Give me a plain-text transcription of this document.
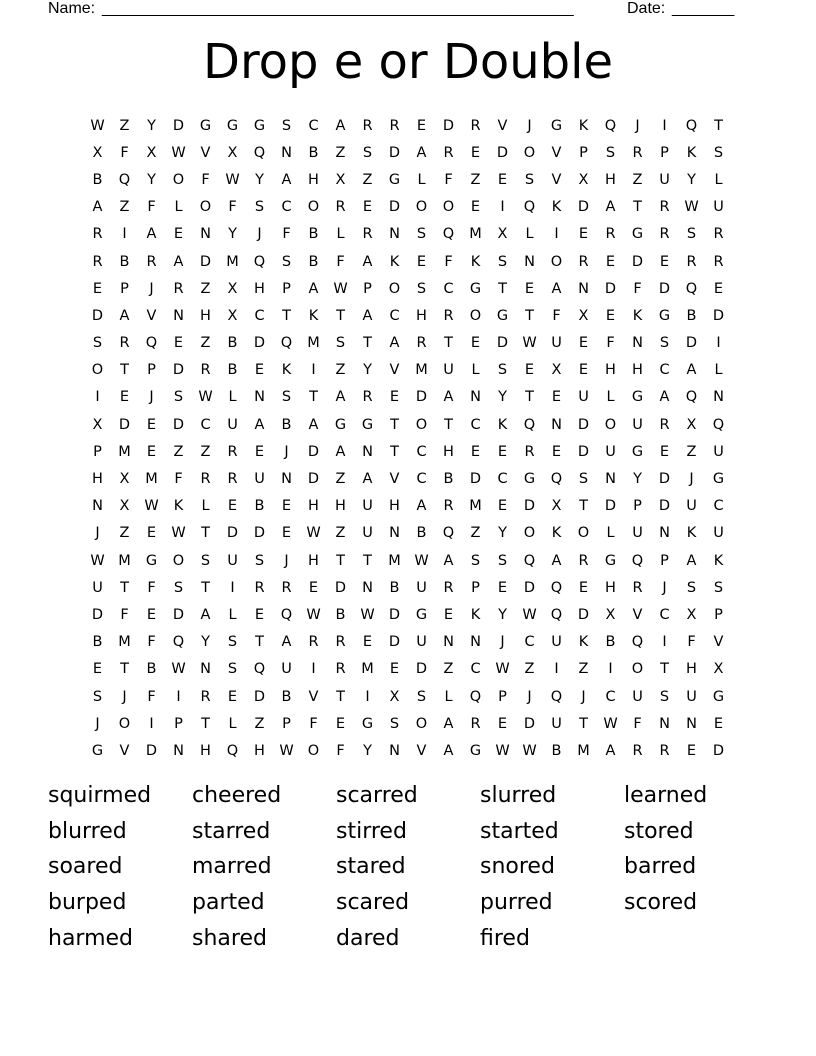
Name: _____________________________________________________	Date: _______
Drop e or Double
W	Z	Y	D	G	G	G	S	C	A	R	R	E	D	R	V	J	G	K	Q	J	I	Q	T
X	F	X	W	V	X	Q	N	B	Z	S	D	A	R	E	D	O	V	P	S	R	P	K	S
B	Q	Y	O	F	W	Y	A	H	X	Z	G	L	F	Z	E	S	V	X	H	Z	U	Y	L
A	Z	F	L	O	F	S	C	O	R	E	D	O	O	E	I	Q	K	D	A	T	R	W	U
R	I	A	E	N	Y	J	F	B	L	R	N	S	Q	M	X	L	I	E	R	G	R	S	R
R	B	R	A	D	M	Q	S	B	F	A	K	E	F	K	S	N	O	R	E	D	E	R	R
E	P	J	R	Z	X	H	P	A	W	P	O	S	C	G	T	E	A	N	D	F	D	Q	E
D	A	V	N	H	X	C	T	K	T	A	C	H	R	O	G	T	F	X	E	K	G	B	D
S	R	Q	E	Z	B	D	Q	M	S	T	A	R	T	E	D W	U	E	F	N	S	D	I
O	T	P	D	R	B	E	K	I	Z	Y	V	M	U	L	S	E	X	E	H	H	C	A	L
I	E	J	S	W	L	N	S	T	A	R	E	D	A	N	Y	T	E	U	L	G	A	Q	N
X	D	E	D	C	U	A	B	A	G	G	T	O	T	C	K	Q	N	D	O	U	R	X	Q
P	M	E	Z	Z	R	E	J	D	A	N	T	C	H	E	E	R	E	D	U	G	E	Z	U
H	X	M	F	R	R	U	N	D	Z	A	V	C	B	D	C	G	Q	S	N	Y	D	J	G
N	X	W	K	L	E	B	E	H	H	U	H	A	R	M	E	D	X	T	D	P	D	U	C
J	Z	E	W	T	D	D	E	W	Z	U	N	B	Q	Z	Y	O	K	O	L	U	N	K	U
W M	G	O	S	U	S	J	H	T	T	M W	A	S	S	Q	A	R	G	Q	P	A	K
U	T	F	S	T	I	R	R	E	D	N	B	U	R	P	E	D	Q	E	H	R	J	S	S
D	F	E	D	A	L	E	Q W	B	W D	G	E	K	Y	W Q	D	X	V	C	X	P
B	M	F	Q	Y	S	T	A	R	R	E	D	U	N	N	J	C	U	K	B	Q	I	F	V
E	T	B	W N	S	Q	U	I	R	M	E	D	Z	C	W	Z	I	Z	I	O	T	H	X
S	J	F	I	R	E	D	B	V	T	I	X	S	L	Q	P	J	Q	J	C	U	S	U	G
J	O	I	P	T	L	Z	P	F	E	G	S	O	A	R	E	D	U	T	W	F	N	N	E
G	V	D	N	H	Q	H W O	F	Y	N	V	A	G W W	B	M	A	R	R	E	D
squirmed	cheered	scarred	slurred	learned
blurred	starred	stirred	started	stored
soared	marred	stared	snored	barred
burped	parted	scared	purred	scored
harmed	shared	dared	fired
